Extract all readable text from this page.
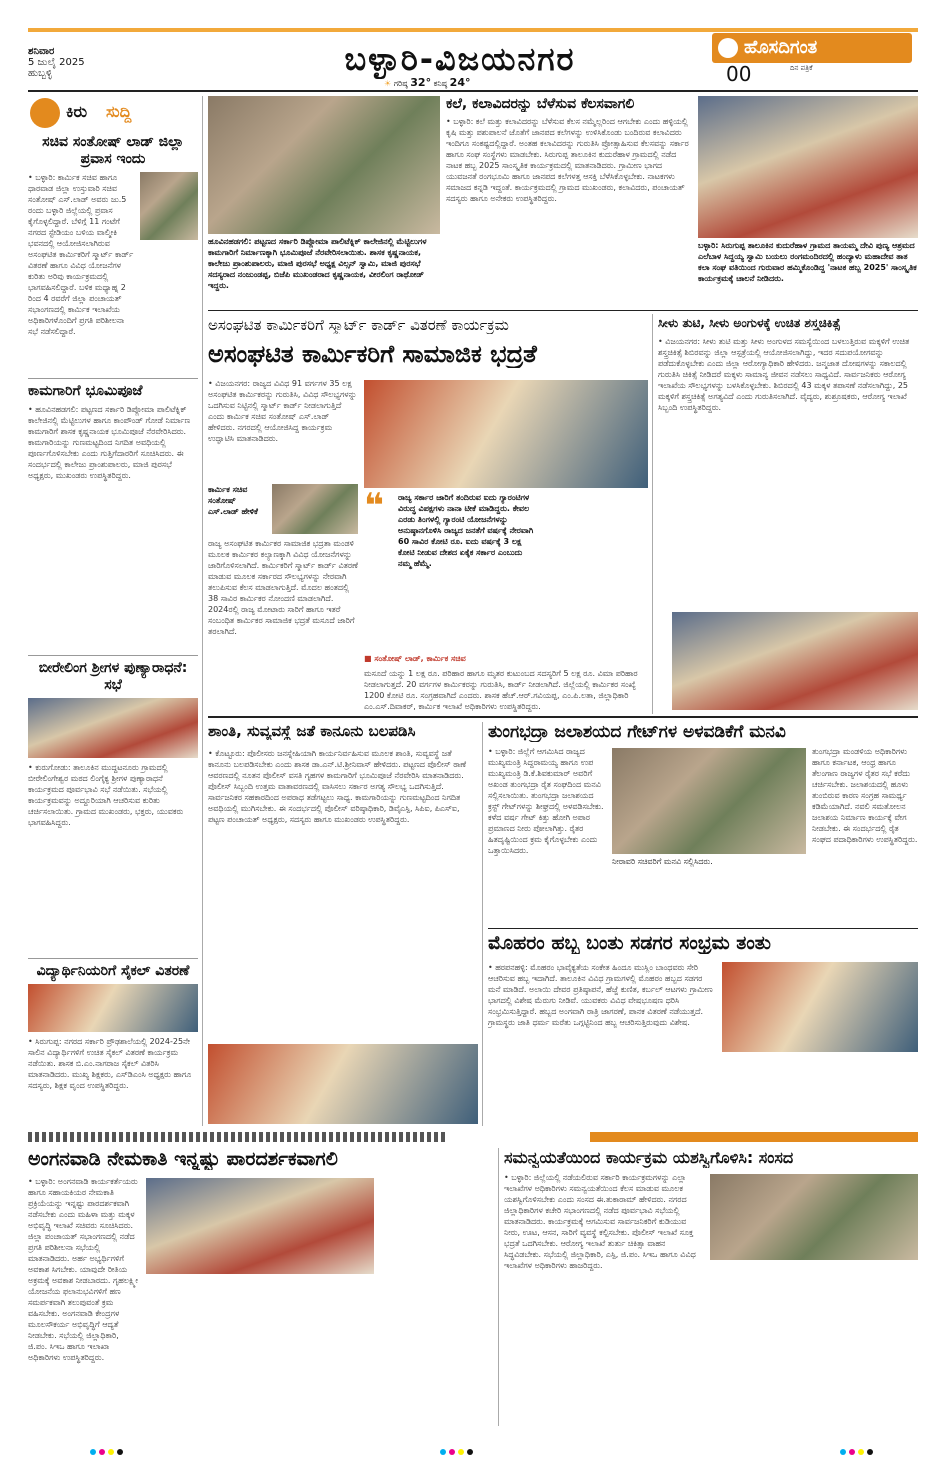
ಶನಿವಾರ
5 ಜುಲೈ 2025
ಹುಬ್ಬಳ್ಳಿ	ಬಳ್ಳಾರಿ-ವಿಜಯನಗರ
☀ ಗರಿಷ್ಠ 32° ಕನಿಷ್ಠ 24°
ಹೊಸದಿಗಂತ
ದಿನ ಪತ್ರಿಕೆ
00
ಕಿರು ಸುದ್ದಿ
ಸಚಿವ ಸಂತೋಷ್ ಲಾಡ್ ಜಿಲ್ಲಾ ಪ್ರವಾಸ ಇಂದು
• ಬಳ್ಳಾರಿ: ಕಾರ್ಮಿಕ ಸಚಿವ ಹಾಗೂ ಧಾರವಾಡ ಜಿಲ್ಲಾ ಉಸ್ತುವಾರಿ ಸಚಿವ ಸಂತೋಷ್ ಎಸ್.ಲಾಡ್ ಅವರು ಜು.5 ರಂದು ಬಳ್ಳಾರಿ ಜಿಲ್ಲೆಯಲ್ಲಿ ಪ್ರವಾಸ ಕೈಗೊಳ್ಳಲಿದ್ದಾರೆ. ಬೆಳಿಗ್ಗೆ 11 ಗಂಟೆಗೆ ನಗರದ ಸ್ಟೇಡಿಯಂ ಬಳಿಯ ವಾಲ್ಮೀಕಿ ಭವನದಲ್ಲಿ ಆಯೋಜಿಸಲಾಗಿರುವ ಅಸಂಘಟಿತ ಕಾರ್ಮಿಕರಿಗೆ ಸ್ಮಾರ್ಟ್ ಕಾರ್ಡ್ ವಿತರಣೆ ಹಾಗೂ ವಿವಿಧ ಯೋಜನೆಗಳ ಕುರಿತು ಅರಿವು ಕಾರ್ಯಕ್ರಮದಲ್ಲಿ ಭಾಗವಹಿಸಲಿದ್ದಾರೆ. ಬಳಿಕ ಮಧ್ಯಾಹ್ನ 2 ರಿಂದ 4 ರವರೆಗೆ ಜಿಲ್ಲಾ ಪಂಚಾಯತ್ ಸಭಾಂಗಣದಲ್ಲಿ ಕಾರ್ಮಿಕ ಇಲಾಖೆಯ ಅಧಿಕಾರಿಗಳೊಂದಿಗೆ ಪ್ರಗತಿ ಪರಿಶೀಲನಾ ಸಭೆ ನಡೆಸಲಿದ್ದಾರೆ.
ಕಾಮಗಾರಿಗೆ ಭೂಮಿಪೂಜೆ
• ಹೂವಿನಹಡಗಲಿ: ಪಟ್ಟಣದ ಸರ್ಕಾರಿ ಡಿಪ್ಲೋಮಾ ಪಾಲಿಟೆಕ್ನಿಕ್ ಕಾಲೇಜಿನಲ್ಲಿ ಮೆಟ್ಟಿಲುಗಳ ಹಾಗೂ ಕಾಂಪೌಂಡ್ ಗೋಡೆ ನಿರ್ಮಾಣ ಕಾಮಗಾರಿಗೆ ಶಾಸಕ ಕೃಷ್ಣನಾಯಕ ಭೂಮಿಪೂಜೆ ನೆರವೇರಿಸಿದರು. ಕಾಮಗಾರಿಯನ್ನು ಗುಣಮಟ್ಟದಿಂದ ನಿಗದಿತ ಅವಧಿಯಲ್ಲಿ ಪೂರ್ಣಗೊಳಿಸಬೇಕು ಎಂದು ಗುತ್ತಿಗೆದಾರರಿಗೆ ಸೂಚಿಸಿದರು. ಈ ಸಂದರ್ಭದಲ್ಲಿ ಕಾಲೇಜು ಪ್ರಾಂಶುಪಾಲರು, ಮಾಜಿ ಪುರಸಭೆ ಅಧ್ಯಕ್ಷರು, ಮುಖಂಡರು ಉಪಸ್ಥಿತರಿದ್ದರು.
ಬೀರೇಲಿಂಗ ಶ್ರೀಗಳ ಪುಣ್ಯಾರಾಧನೆ: ಸಭೆ
• ಕುರುಗೋಡು: ತಾಲೂಕಿನ ಮುದ್ದಟನೂರು ಗ್ರಾಮದಲ್ಲಿ ಬೀರೇಲಿಂಗೇಶ್ವರ ಮಠದ ಲಿಂಗೈಕ್ಯ ಶ್ರೀಗಳ ಪುಣ್ಯಾರಾಧನೆ ಕಾರ್ಯಕ್ರಮದ ಪೂರ್ವಭಾವಿ ಸಭೆ ನಡೆಯಿತು. ಸಭೆಯಲ್ಲಿ ಕಾರ್ಯಕ್ರಮವನ್ನು ಅದ್ದೂರಿಯಾಗಿ ಆಚರಿಸುವ ಕುರಿತು ಚರ್ಚಿಸಲಾಯಿತು. ಗ್ರಾಮದ ಮುಖಂಡರು, ಭಕ್ತರು, ಯುವಕರು ಭಾಗವಹಿಸಿದ್ದರು.
ವಿದ್ಯಾರ್ಥಿನಿಯರಿಗೆ ಸೈಕಲ್ ವಿತರಣೆ
• ಸಿರುಗುಪ್ಪ: ನಗರದ ಸರ್ಕಾರಿ ಪ್ರೌಢಶಾಲೆಯಲ್ಲಿ 2024-25ನೇ ಸಾಲಿನ ವಿದ್ಯಾರ್ಥಿಗಳಿಗೆ ಉಚಿತ ಸೈಕಲ್ ವಿತರಣೆ ಕಾರ್ಯಕ್ರಮ ನಡೆಯಿತು. ಶಾಸಕ ಬಿ.ಎಂ.ನಾಗರಾಜ ಸೈಕಲ್ ವಿತರಿಸಿ ಮಾತನಾಡಿದರು. ಮುಖ್ಯ ಶಿಕ್ಷಕರು, ಎಸ್‌ಡಿಎಂಸಿ ಅಧ್ಯಕ್ಷರು ಹಾಗೂ ಸದಸ್ಯರು, ಶಿಕ್ಷಕ ವೃಂದ ಉಪಸ್ಥಿತರಿದ್ದರು.
ಹೂವಿನಹಡಗಲಿ: ಪಟ್ಟಣದ ಸರ್ಕಾರಿ ಡಿಪ್ಲೋಮಾ ಪಾಲಿಟೆಕ್ನಿಕ್ ಕಾಲೇಜಿನಲ್ಲಿ ಮೆಟ್ಟಿಲುಗಳ ಕಾಮಗಾರಿಗೆ ನಿರ್ಮಾಣಕ್ಕಾಗಿ ಭೂಮಿಪೂಜೆ ನೆರವೇರಿಸಲಾಯಿತು. ಶಾಸಕ ಕೃಷ್ಣನಾಯಕ, ಕಾಲೇಜು ಪ್ರಾಂಶುಪಾಲರು, ಮಾಜಿ ಪುರಸಭೆ ಅಧ್ಯಕ್ಷ ವಿಲ್ಸನ್ ಸ್ವಾಮಿ, ಮಾಜಿ ಪುರಸಭೆ ಸದಸ್ಯರಾದ ನಂಜುಂಡಪ್ಪ, ಬಿಜೆಪಿ ಮುಖಂಡರಾದ ಕೃಷ್ಣನಾಯಕ, ವೀರಲಿಂಗ ರಾಥೋಡ್ ಇದ್ದರು.
ಕಲೆ, ಕಲಾವಿದರನ್ನು ಬೆಳೆಸುವ ಕೆಲಸವಾಗಲಿ
• ಬಳ್ಳಾರಿ: ಕಲೆ ಮತ್ತು ಕಲಾವಿದರನ್ನು ಬೆಳೆಸುವ ಕೆಲಸ ನಮ್ಮೆಲ್ಲರಿಂದ ಆಗಬೇಕು ಎಂದು ಹಳ್ಳಿಯಲ್ಲಿ ಕೃಷಿ ಮತ್ತು ಪಶುಪಾಲನೆ ಜೊತೆಗೆ ಜಾನಪದ ಕಲೆಗಳನ್ನು ಉಳಿಸಿಕೊಂಡು ಬಂದಿರುವ ಕಲಾವಿದರು ಇಂದಿಗೂ ಸಂಕಷ್ಟದಲ್ಲಿದ್ದಾರೆ. ಅಂತಹ ಕಲಾವಿದರನ್ನು ಗುರುತಿಸಿ ಪ್ರೋತ್ಸಾಹಿಸುವ ಕೆಲಸವನ್ನು ಸರ್ಕಾರ ಹಾಗೂ ಸಂಘ ಸಂಸ್ಥೆಗಳು ಮಾಡಬೇಕು. ಸಿರುಗುಪ್ಪ ತಾಲೂಕಿನ ಕುದುರೆಹಾಳ ಗ್ರಾಮದಲ್ಲಿ ನಡೆದ ನಾಟಕ ಹಬ್ಬ 2025 ಸಾಂಸ್ಕೃತಿಕ ಕಾರ್ಯಕ್ರಮದಲ್ಲಿ ಮಾತನಾಡಿದರು. ಗ್ರಾಮೀಣ ಭಾಗದ ಯುವಜನತೆ ರಂಗಭೂಮಿ ಹಾಗೂ ಜಾನಪದ ಕಲೆಗಳತ್ತ ಆಸಕ್ತಿ ಬೆಳೆಸಿಕೊಳ್ಳಬೇಕು. ನಾಟಕಗಳು ಸಮಾಜದ ಕನ್ನಡಿ ಇದ್ದಂತೆ. ಕಾರ್ಯಕ್ರಮದಲ್ಲಿ ಗ್ರಾಮದ ಮುಖಂಡರು, ಕಲಾವಿದರು, ಪಂಚಾಯತ್ ಸದಸ್ಯರು ಹಾಗೂ ಅನೇಕರು ಉಪಸ್ಥಿತರಿದ್ದರು.
ಬಳ್ಳಾರಿ: ಸಿರುಗುಪ್ಪ ತಾಲೂಕಿನ ಕುದುರೆಹಾಳ ಗ್ರಾಮದ ತಾಯಮ್ಮ ದೇವಿ ಪುಣ್ಯ ಆಶ್ರಮದ ಎಲೆಬಾಳ ಸಿದ್ದಯ್ಯ ಸ್ವಾಮಿ ಬಯಲು ರಂಗಮಂದಿರದಲ್ಲಿ ಹಂದ್ಯಾಳು ಮಹಾದೇವ ತಾತ ಕಲಾ ಸಂಘ ವತಿಯಿಂದ ಗುರುವಾರ ಹಮ್ಮಿಕೊಂಡಿದ್ದ 'ನಾಟಕ ಹಬ್ಬ 2025' ಸಾಂಸ್ಕೃತಿಕ ಕಾರ್ಯಕ್ರಮಕ್ಕೆ ಚಾಲನೆ ನೀಡಿದರು.
ಅಸಂಘಟಿತ ಕಾರ್ಮಿಕರಿಗೆ ಸ್ಮಾರ್ಟ್ ಕಾರ್ಡ್ ವಿತರಣೆ ಕಾರ್ಯಕ್ರಮ
ಅಸಂಘಟಿತ ಕಾರ್ಮಿಕರಿಗೆ ಸಾಮಾಜಿಕ ಭದ್ರತೆ
• ವಿಜಯನಗರ: ರಾಜ್ಯದ ವಿವಿಧ 91 ವರ್ಗಗಳ 35 ಲಕ್ಷ ಅಸಂಘಟಿತ ಕಾರ್ಮಿಕರನ್ನು ಗುರುತಿಸಿ, ವಿವಿಧ ಸೌಲಭ್ಯಗಳನ್ನು ಒದಗಿಸುವ ನಿಟ್ಟಿನಲ್ಲಿ ಸ್ಮಾರ್ಟ್ ಕಾರ್ಡ್ ನೀಡಲಾಗುತ್ತಿದೆ ಎಂದು ಕಾರ್ಮಿಕ ಸಚಿವ ಸಂತೋಷ್ ಎಸ್.ಲಾಡ್ ಹೇಳಿದರು. ನಗರದಲ್ಲಿ ಆಯೋಜಿಸಿದ್ದ ಕಾರ್ಯಕ್ರಮ ಉದ್ಘಾಟಿಸಿ ಮಾತನಾಡಿದರು.
ಕಾರ್ಮಿಕ ಸಚಿವ
ಸಂತೋಷ್ ಎಸ್.ಲಾಡ್ ಹೇಳಿಕೆ
ರಾಜ್ಯ ಅಸಂಘಟಿತ ಕಾರ್ಮಿಕರ ಸಾಮಾಜಿಕ ಭದ್ರತಾ ಮಂಡಳಿ ಮೂಲಕ ಕಾರ್ಮಿಕರ ಕಲ್ಯಾಣಕ್ಕಾಗಿ ವಿವಿಧ ಯೋಜನೆಗಳನ್ನು ಜಾರಿಗೊಳಿಸಲಾಗಿದೆ. ಕಾರ್ಮಿಕರಿಗೆ ಸ್ಮಾರ್ಟ್ ಕಾರ್ಡ್ ವಿತರಣೆ ಮಾಡುವ ಮೂಲಕ ಸರ್ಕಾರದ ಸೌಲಭ್ಯಗಳನ್ನು ನೇರವಾಗಿ ತಲುಪಿಸುವ ಕೆಲಸ ಮಾಡಲಾಗುತ್ತಿದೆ. ಮೊದಲ ಹಂತದಲ್ಲಿ 38 ಸಾವಿರ ಕಾರ್ಮಿಕರ ನೋಂದಣಿ ಮಾಡಲಾಗಿದೆ. 2024ರಲ್ಲಿ ರಾಜ್ಯ ಮೋಟಾರು ಸಾರಿಗೆ ಹಾಗೂ ಇತರೆ ಸಂಬಂಧಿತ ಕಾರ್ಮಿಕರ ಸಾಮಾಜಿಕ ಭದ್ರತೆ ಮಸೂದೆ ಜಾರಿಗೆ ತರಲಾಗಿದೆ.
❝ ರಾಜ್ಯ ಸರ್ಕಾರ ಜಾರಿಗೆ ತಂದಿರುವ ಐದು ಗ್ಯಾರಂಟಿಗಳ ವಿರುದ್ಧ ವಿಪಕ್ಷಗಳು ನಾನಾ ಟೀಕೆ ಮಾಡಿದ್ದರು. ಕೇವಲ ಎರಡು ತಿಂಗಳಲ್ಲಿ ಗ್ಯಾರಂಟಿ ಯೋಜನೆಗಳನ್ನು ಅನುಷ್ಠಾನಗೊಳಿಸಿ ರಾಜ್ಯದ ಜನತೆಗೆ ವರ್ಷಕ್ಕೆ ನೇರವಾಗಿ 60 ಸಾವಿರ ಕೋಟಿ ರೂ. ಐದು ವರ್ಷಕ್ಕೆ 3 ಲಕ್ಷ ಕೋಟಿ ನೀಡುವ ದೇಶದ ಏಕೈಕ ಸರ್ಕಾರ ಎಂಬುದು ನಮ್ಮ ಹೆಮ್ಮೆ.
■ ಸಂತೋಷ್ ಲಾಡ್, ಕಾರ್ಮಿಕ ಸಚಿವ
ಮಸೂದೆ ಯನ್ನು 1 ಲಕ್ಷ ರೂ. ಪರಿಹಾರ ಹಾಗೂ ಮೃತರ ಕುಟುಂಬದ ಸದಸ್ಯರಿಗೆ 5 ಲಕ್ಷ ರೂ. ವಿಮಾ ಪರಿಹಾರ ನೀಡಲಾಗುತ್ತದೆ. 20 ವರ್ಗಗಳ ಕಾರ್ಮಿಕರನ್ನು ಗುರುತಿಸಿ, ಕಾರ್ಡ್ ನೀಡಲಾಗಿದೆ. ಜಿಲ್ಲೆಯಲ್ಲಿ ಕಾರ್ಮಿಕರ ಸಂಖ್ಯೆ 1200 ಕೋಟಿ ರೂ. ಸಂಗ್ರಹವಾಗಿದೆ ಎಂದರು. ಶಾಸಕ ಹೆಚ್.ಆರ್.ಗವಿಯಪ್ಪ, ಎಂ.ಪಿ.ಲತಾ, ಜಿಲ್ಲಾಧಿಕಾರಿ ಎಂ.ಎಸ್.ದಿವಾಕರ್, ಕಾರ್ಮಿಕ ಇಲಾಖೆ ಅಧಿಕಾರಿಗಳು ಉಪಸ್ಥಿತರಿದ್ದರು.
ಸೀಳು ತುಟಿ, ಸೀಳು ಅಂಗುಳಕ್ಕೆ ಉಚಿತ ಶಸ್ತ್ರಚಿಕಿತ್ಸೆ
• ವಿಜಯನಗರ: ಸೀಳು ತುಟಿ ಮತ್ತು ಸೀಳು ಅಂಗುಳದ ಸಮಸ್ಯೆಯಿಂದ ಬಳಲುತ್ತಿರುವ ಮಕ್ಕಳಿಗೆ ಉಚಿತ ಶಸ್ತ್ರಚಿಕಿತ್ಸೆ ಶಿಬಿರವನ್ನು ಜಿಲ್ಲಾ ಆಸ್ಪತ್ರೆಯಲ್ಲಿ ಆಯೋಜಿಸಲಾಗಿದ್ದು, ಇದರ ಸದುಪಯೋಗವನ್ನು ಪಡೆದುಕೊಳ್ಳಬೇಕು ಎಂದು ಜಿಲ್ಲಾ ಆರೋಗ್ಯಾಧಿಕಾರಿ ಹೇಳಿದರು. ಜನ್ಮಜಾತ ದೋಷಗಳನ್ನು ಸಕಾಲದಲ್ಲಿ ಗುರುತಿಸಿ ಚಿಕಿತ್ಸೆ ನೀಡಿದರೆ ಮಕ್ಕಳು ಸಾಮಾನ್ಯ ಜೀವನ ನಡೆಸಲು ಸಾಧ್ಯವಿದೆ. ಸಾರ್ವಜನಿಕರು ಆರೋಗ್ಯ ಇಲಾಖೆಯ ಸೌಲಭ್ಯಗಳನ್ನು ಬಳಸಿಕೊಳ್ಳಬೇಕು. ಶಿಬಿರದಲ್ಲಿ 43 ಮಕ್ಕಳ ತಪಾಸಣೆ ನಡೆಸಲಾಗಿದ್ದು, 25 ಮಕ್ಕಳಿಗೆ ಶಸ್ತ್ರಚಿಕಿತ್ಸೆ ಅಗತ್ಯವಿದೆ ಎಂದು ಗುರುತಿಸಲಾಗಿದೆ. ವೈದ್ಯರು, ಶುಶ್ರೂಷಕರು, ಆರೋಗ್ಯ ಇಲಾಖೆ ಸಿಬ್ಬಂದಿ ಉಪಸ್ಥಿತರಿದ್ದರು.
ಶಾಂತಿ, ಸುವ್ಯವಸ್ಥೆ ಜತೆ ಕಾನೂನು ಬಲಪಡಿಸಿ
• ಕೊಟ್ಟೂರು: ಪೊಲೀಸರು ಜನಸ್ನೇಹಿಯಾಗಿ ಕಾರ್ಯನಿರ್ವಹಿಸುವ ಮೂಲಕ ಶಾಂತಿ, ಸುವ್ಯವಸ್ಥೆ ಜತೆ ಕಾನೂನು ಬಲಪಡಿಸಬೇಕು ಎಂದು ಶಾಸಕ ಡಾ.ಎನ್.ಟಿ.ಶ್ರೀನಿವಾಸ್ ಹೇಳಿದರು. ಪಟ್ಟಣದ ಪೊಲೀಸ್ ಠಾಣೆ ಆವರಣದಲ್ಲಿ ನೂತನ ಪೊಲೀಸ್ ವಸತಿ ಗೃಹಗಳ ಕಾಮಗಾರಿಗೆ ಭೂಮಿಪೂಜೆ ನೆರವೇರಿಸಿ ಮಾತನಾಡಿದರು. ಪೊಲೀಸ್ ಸಿಬ್ಬಂದಿ ಉತ್ತಮ ವಾತಾವರಣದಲ್ಲಿ ವಾಸಿಸಲು ಸರ್ಕಾರ ಅಗತ್ಯ ಸೌಲಭ್ಯ ಒದಗಿಸುತ್ತಿದೆ. ಸಾರ್ವಜನಿಕರ ಸಹಕಾರದಿಂದ ಅಪರಾಧ ತಡೆಗಟ್ಟಲು ಸಾಧ್ಯ. ಕಾಮಗಾರಿಯನ್ನು ಗುಣಮಟ್ಟದಿಂದ ನಿಗದಿತ ಅವಧಿಯಲ್ಲಿ ಮುಗಿಸಬೇಕು. ಈ ಸಂದರ್ಭದಲ್ಲಿ ಪೊಲೀಸ್ ವರಿಷ್ಠಾಧಿಕಾರಿ, ಡಿವೈಎಸ್ಪಿ, ಸಿಪಿಐ, ಪಿಎಸ್ಐ, ಪಟ್ಟಣ ಪಂಚಾಯತ್ ಅಧ್ಯಕ್ಷರು, ಸದಸ್ಯರು ಹಾಗೂ ಮುಖಂಡರು ಉಪಸ್ಥಿತರಿದ್ದರು.
ತುಂಗಭದ್ರಾ ಜಲಾಶಯದ ಗೇಟ್‌ಗಳ ಅಳವಡಿಕೆಗೆ ಮನವಿ
• ಬಳ್ಳಾರಿ: ಜಿಲ್ಲೆಗೆ ಆಗಮಿಸಿದ ರಾಜ್ಯದ ಮುಖ್ಯಮಂತ್ರಿ ಸಿದ್ದರಾಮಯ್ಯ ಹಾಗೂ ಉಪ ಮುಖ್ಯಮಂತ್ರಿ ಡಿ.ಕೆ.ಶಿವಕುಮಾರ್ ಅವರಿಗೆ ಅಖಂಡ ತುಂಗಭದ್ರಾ ರೈತ ಸಂಘದಿಂದ ಮನವಿ ಸಲ್ಲಿಸಲಾಯಿತು. ತುಂಗಭದ್ರಾ ಜಲಾಶಯದ ಕ್ರಸ್ಟ್ ಗೇಟ್‌ಗಳನ್ನು ಶೀಘ್ರದಲ್ಲಿ ಅಳವಡಿಸಬೇಕು. ಕಳೆದ ವರ್ಷ ಗೇಟ್ ಕಿತ್ತು ಹೋಗಿ ಅಪಾರ ಪ್ರಮಾಣದ ನೀರು ಪೋಲಾಗಿತ್ತು. ರೈತರ ಹಿತದೃಷ್ಟಿಯಿಂದ ಕ್ರಮ ಕೈಗೊಳ್ಳಬೇಕು ಎಂದು ಒತ್ತಾಯಿಸಿದರು.
ನೀರಾವರಿ ಸಚಿವರಿಗೆ ಮನವಿ ಸಲ್ಲಿಸಿದರು.
ತುಂಗಭದ್ರಾ ಮಂಡಳಿಯ ಅಧಿಕಾರಿಗಳು ಹಾಗೂ ಕರ್ನಾಟಕ, ಆಂಧ್ರ ಹಾಗೂ ತೆಲಂಗಾಣ ರಾಜ್ಯಗಳ ರೈತರ ಸಭೆ ಕರೆದು ಚರ್ಚಿಸಬೇಕು. ಜಲಾಶಯದಲ್ಲಿ ಹೂಳು ತುಂಬಿರುವ ಕಾರಣ ಸಂಗ್ರಹ ಸಾಮರ್ಥ್ಯ ಕಡಿಮೆಯಾಗಿದೆ. ನವಲಿ ಸಮತೋಲನ ಜಲಾಶಯ ನಿರ್ಮಾಣ ಕಾರ್ಯಕ್ಕೆ ವೇಗ ನೀಡಬೇಕು. ಈ ಸಂದರ್ಭದಲ್ಲಿ ರೈತ ಸಂಘದ ಪದಾಧಿಕಾರಿಗಳು ಉಪಸ್ಥಿತರಿದ್ದರು.
ಮೊಹರಂ ಹಬ್ಬ ಬಂತು ಸಡಗರ ಸಂಭ್ರಮ ತಂತು
• ಹರಪನಹಳ್ಳಿ: ಮೊಹರಂ ಭಾವೈಕ್ಯತೆಯ ಸಂಕೇತ ಹಿಂದೂ ಮುಸ್ಲಿಂ ಬಾಂಧವರು ಸೇರಿ ಆಚರಿಸುವ ಹಬ್ಬ ಇದಾಗಿದೆ. ತಾಲೂಕಿನ ವಿವಿಧ ಗ್ರಾಮಗಳಲ್ಲಿ ಮೊಹರಂ ಹಬ್ಬದ ಸಡಗರ ಮನೆ ಮಾಡಿದೆ. ಅಲಾಯಿ ದೇವರ ಪ್ರತಿಷ್ಠಾಪನೆ, ಹೆಜ್ಜೆ ಕುಣಿತ, ಕರ್ಬಲ್ ಆಟಗಳು ಗ್ರಾಮೀಣ ಭಾಗದಲ್ಲಿ ವಿಶೇಷ ಮೆರುಗು ನೀಡಿವೆ. ಯುವಕರು ವಿವಿಧ ವೇಷಭೂಷಣ ಧರಿಸಿ ಸಂಭ್ರಮಿಸುತ್ತಿದ್ದಾರೆ. ಹಬ್ಬದ ಅಂಗವಾಗಿ ರಾತ್ರಿ ಜಾಗರಣೆ, ಪಾನಕ ವಿತರಣೆ ನಡೆಯುತ್ತದೆ. ಗ್ರಾಮಸ್ಥರು ಜಾತಿ ಧರ್ಮ ಮರೆತು ಒಗ್ಗಟ್ಟಿನಿಂದ ಹಬ್ಬ ಆಚರಿಸುತ್ತಿರುವುದು ವಿಶೇಷ.
ಅಂಗನವಾಡಿ ನೇಮಕಾತಿ ಇನ್ನಷ್ಟು ಪಾರದರ್ಶಕವಾಗಲಿ
• ಬಳ್ಳಾರಿ: ಅಂಗನವಾಡಿ ಕಾರ್ಯಕರ್ತೆಯರು ಹಾಗೂ ಸಹಾಯಕಿಯರ ನೇಮಕಾತಿ ಪ್ರಕ್ರಿಯೆಯನ್ನು ಇನ್ನಷ್ಟು ಪಾರದರ್ಶಕವಾಗಿ ನಡೆಸಬೇಕು ಎಂದು ಮಹಿಳಾ ಮತ್ತು ಮಕ್ಕಳ ಅಭಿವೃದ್ಧಿ ಇಲಾಖೆ ಸಚಿವರು ಸೂಚಿಸಿದರು. ಜಿಲ್ಲಾ ಪಂಚಾಯತ್ ಸಭಾಂಗಣದಲ್ಲಿ ನಡೆದ ಪ್ರಗತಿ ಪರಿಶೀಲನಾ ಸಭೆಯಲ್ಲಿ ಮಾತನಾಡಿದರು. ಅರ್ಹ ಅಭ್ಯರ್ಥಿಗಳಿಗೆ ಅವಕಾಶ ಸಿಗಬೇಕು. ಯಾವುದೇ ರೀತಿಯ ಅಕ್ರಮಕ್ಕೆ ಅವಕಾಶ ನೀಡಬಾರದು. ಗೃಹಲಕ್ಷ್ಮೀ ಯೋಜನೆಯ ಫಲಾನುಭವಿಗಳಿಗೆ ಹಣ ಸಮರ್ಪಕವಾಗಿ ತಲುಪುವಂತೆ ಕ್ರಮ ವಹಿಸಬೇಕು. ಅಂಗನವಾಡಿ ಕೇಂದ್ರಗಳ ಮೂಲಸೌಕರ್ಯ ಅಭಿವೃದ್ಧಿಗೆ ಆದ್ಯತೆ ನೀಡಬೇಕು. ಸಭೆಯಲ್ಲಿ ಜಿಲ್ಲಾಧಿಕಾರಿ, ಜಿ.ಪಂ. ಸಿಇಒ ಹಾಗೂ ಇಲಾಖಾ ಅಧಿಕಾರಿಗಳು ಉಪಸ್ಥಿತರಿದ್ದರು.
ಸಮನ್ವಯತೆಯಿಂದ ಕಾರ್ಯಕ್ರಮ ಯಶಸ್ವಿಗೊಳಿಸಿ: ಸಂಸದ
• ಬಳ್ಳಾರಿ: ಜಿಲ್ಲೆಯಲ್ಲಿ ನಡೆಯಲಿರುವ ಸರ್ಕಾರಿ ಕಾರ್ಯಕ್ರಮಗಳನ್ನು ಎಲ್ಲಾ ಇಲಾಖೆಗಳ ಅಧಿಕಾರಿಗಳು ಸಮನ್ವಯತೆಯಿಂದ ಕೆಲಸ ಮಾಡುವ ಮೂಲಕ ಯಶಸ್ವಿಗೊಳಿಸಬೇಕು ಎಂದು ಸಂಸದ ಈ.ತುಕಾರಾಮ್ ಹೇಳಿದರು. ನಗರದ ಜಿಲ್ಲಾಧಿಕಾರಿಗಳ ಕಚೇರಿ ಸಭಾಂಗಣದಲ್ಲಿ ನಡೆದ ಪೂರ್ವಭಾವಿ ಸಭೆಯಲ್ಲಿ ಮಾತನಾಡಿದರು. ಕಾರ್ಯಕ್ರಮಕ್ಕೆ ಆಗಮಿಸುವ ಸಾರ್ವಜನಿಕರಿಗೆ ಕುಡಿಯುವ ನೀರು, ಊಟ, ಆಸನ, ಸಾರಿಗೆ ವ್ಯವಸ್ಥೆ ಕಲ್ಪಿಸಬೇಕು. ಪೊಲೀಸ್ ಇಲಾಖೆ ಸೂಕ್ತ ಭದ್ರತೆ ಒದಗಿಸಬೇಕು. ಆರೋಗ್ಯ ಇಲಾಖೆ ತುರ್ತು ಚಿಕಿತ್ಸಾ ವಾಹನ ಸಿದ್ಧವಿಡಬೇಕು. ಸಭೆಯಲ್ಲಿ ಜಿಲ್ಲಾಧಿಕಾರಿ, ಎಸ್ಪಿ, ಜಿ.ಪಂ. ಸಿಇಒ ಹಾಗೂ ವಿವಿಧ ಇಲಾಖೆಗಳ ಅಧಿಕಾರಿಗಳು ಹಾಜರಿದ್ದರು.
